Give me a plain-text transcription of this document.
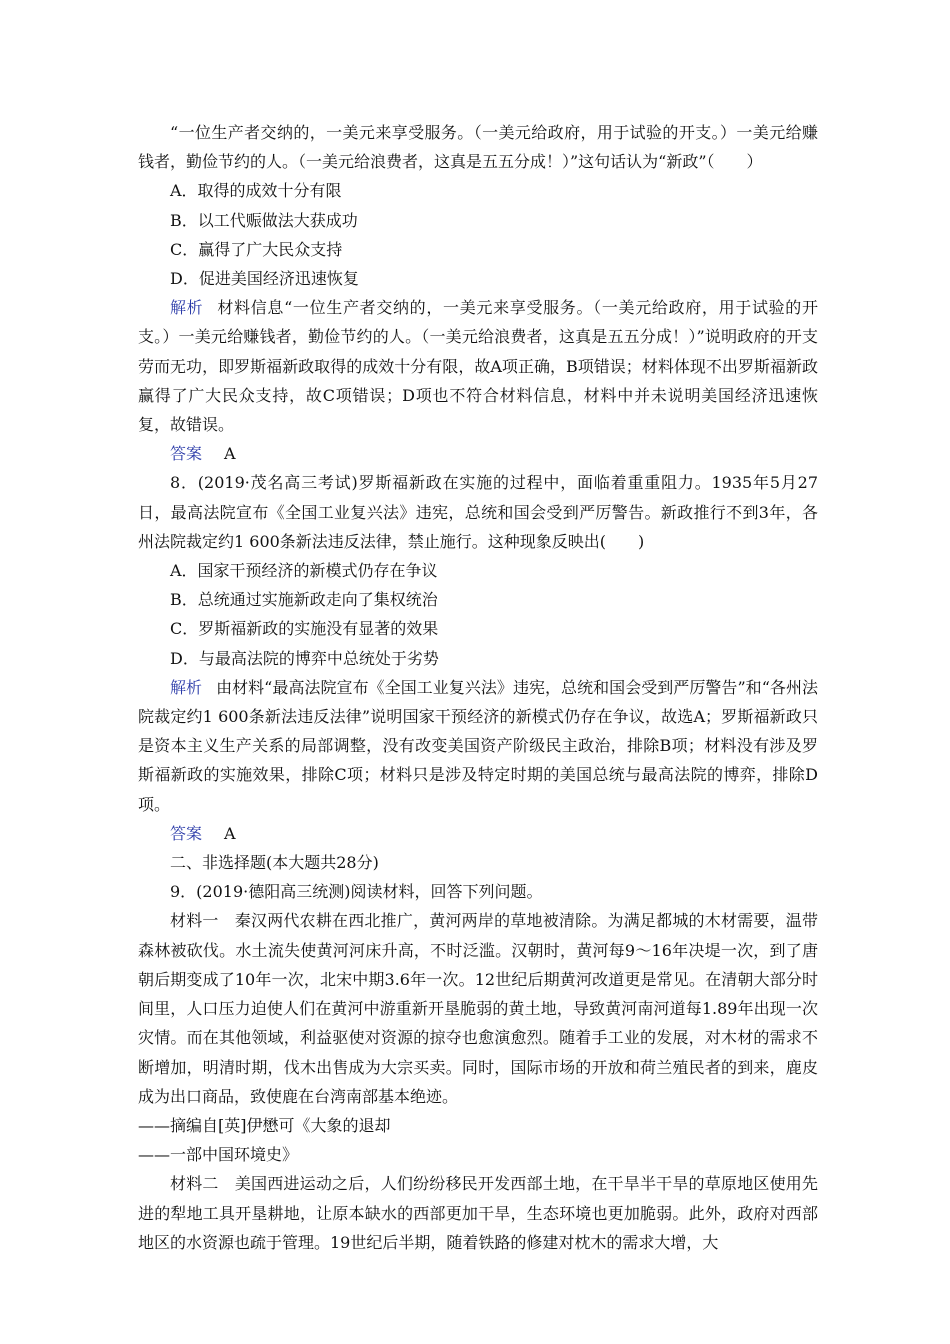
“一位生产者交纳的，一美元来享受服务。（一美元给政府，用于试验的开支。）一美元给赚钱者，勤俭节约的人。（一美元给浪费者，这真是五五分成！）”这句话认为“新政”（　　）

A．取得的成效十分有限

B．以工代赈做法大获成功

C．赢得了广大民众支持

D．促进美国经济迅速恢复

解析 材料信息“一位生产者交纳的，一美元来享受服务。（一美元给政府，用于试验的开支。）一美元给赚钱者，勤俭节约的人。（一美元给浪费者，这真是五五分成！）”说明政府的开支劳而无功，即罗斯福新政取得的成效十分有限，故A项正确，B项错误；材料体现不出罗斯福新政赢得了广大民众支持，故C项错误；D项也不符合材料信息，材料中并未说明美国经济迅速恢复，故错误。

答案 A

8．(2019·茂名高三考试)罗斯福新政在实施的过程中，面临着重重阻力。1935年5月27日，最高法院宣布《全国工业复兴法》违宪，总统和国会受到严厉警告。新政推行不到3年，各州法院裁定约1 600条新法违反法律，禁止施行。这种现象反映出(　　)

A．国家干预经济的新模式仍存在争议

B．总统通过实施新政走向了集权统治

C．罗斯福新政的实施没有显著的效果

D．与最高法院的博弈中总统处于劣势

解析 由材料“最高法院宣布《全国工业复兴法》违宪，总统和国会受到严厉警告”和“各州法院裁定约1 600条新法违反法律”说明国家干预经济的新模式仍存在争议，故选A；罗斯福新政只是资本主义生产关系的局部调整，没有改变美国资产阶级民主政治，排除B项；材料没有涉及罗斯福新政的实施效果，排除C项；材料只是涉及特定时期的美国总统与最高法院的博弈，排除D项。

答案 A

二、非选择题(本大题共28分)

9．(2019·德阳高三统测)阅读材料，回答下列问题。

材料一　秦汉两代农耕在西北推广，黄河两岸的草地被清除。为满足都城的木材需要，温带森林被砍伐。水土流失使黄河河床升高，不时泛滥。汉朝时，黄河每9～16年决堤一次，到了唐朝后期变成了10年一次，北宋中期3.6年一次。12世纪后期黄河改道更是常见。在清朝大部分时间里，人口压力迫使人们在黄河中游重新开垦脆弱的黄土地，导致黄河南河道每1.89年出现一次灾情。而在其他领域，利益驱使对资源的掠夺也愈演愈烈。随着手工业的发展，对木材的需求不断增加，明清时期，伐木出售成为大宗买卖。同时，国际市场的开放和荷兰殖民者的到来，鹿皮成为出口商品，致使鹿在台湾南部基本绝迹。

——摘编自[英]伊懋可《大象的退却

——一部中国环境史》

材料二　美国西进运动之后，人们纷纷移民开发西部土地，在干旱半干旱的草原地区使用先进的犁地工具开垦耕地，让原本缺水的西部更加干旱，生态环境也更加脆弱。此外，政府对西部地区的水资源也疏于管理。19世纪后半期，随着铁路的修建对枕木的需求大增，大
